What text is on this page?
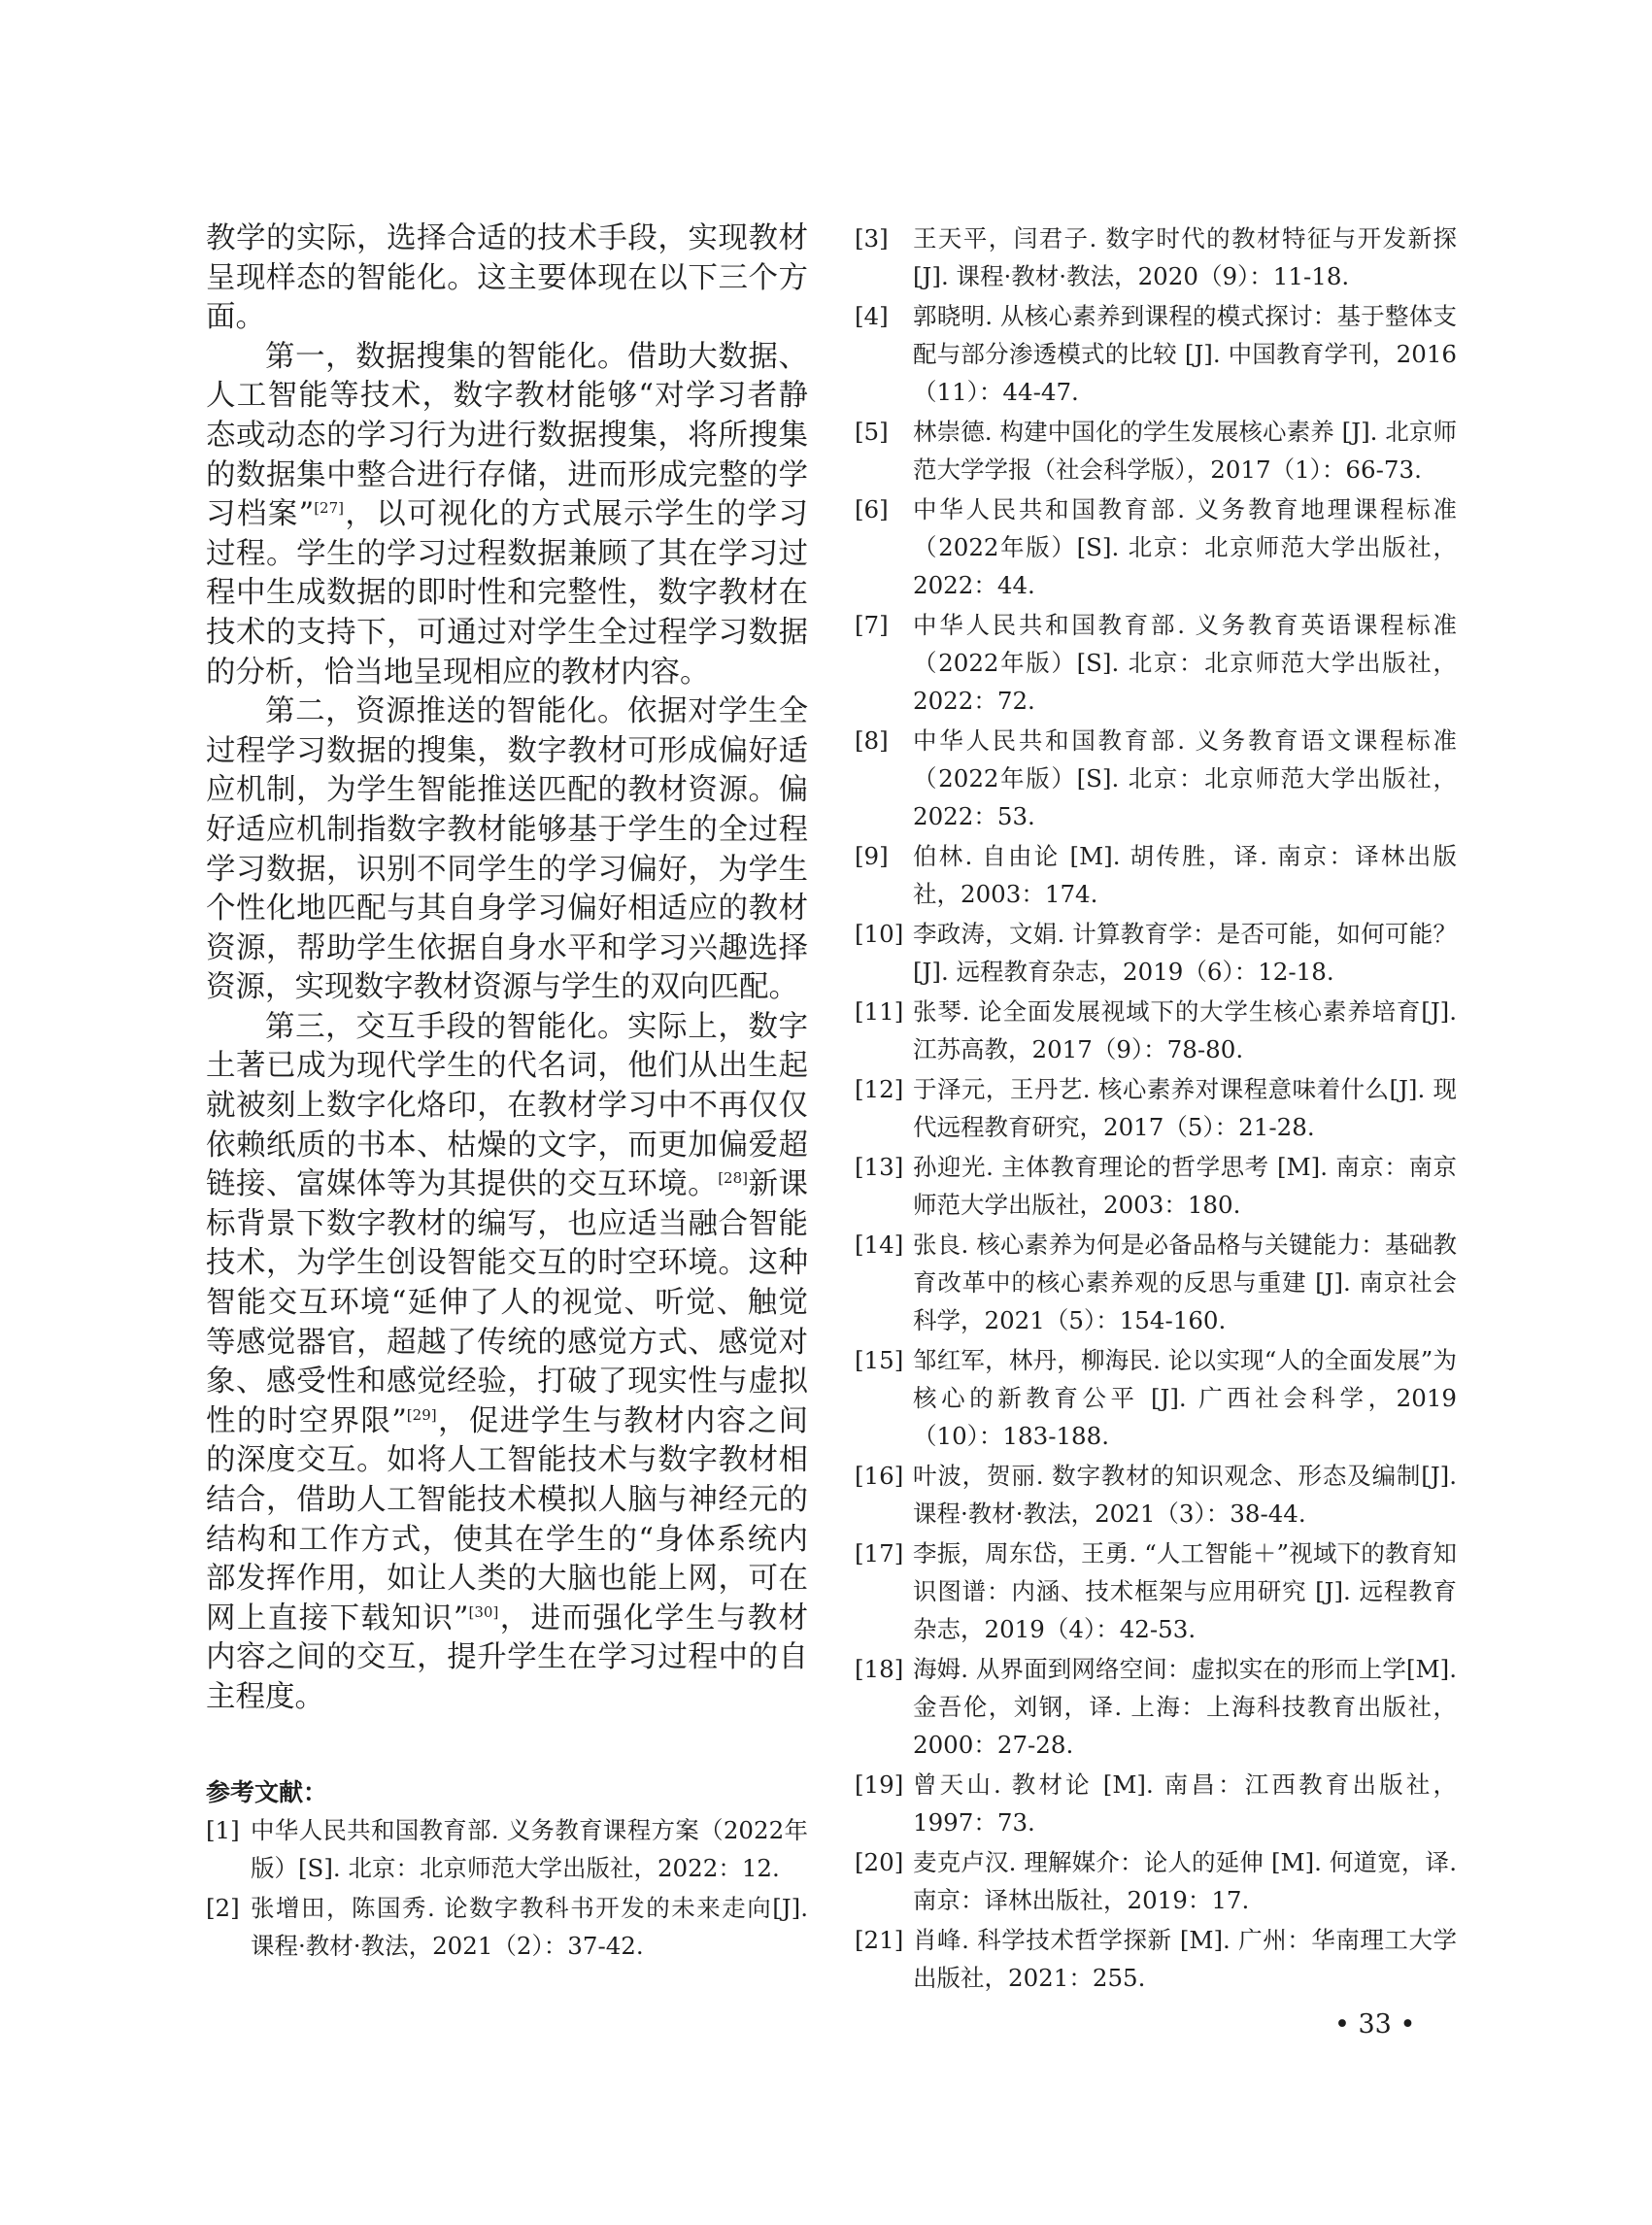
教学的实际，选择合适的技术手段，实现教材呈现样态的智能化。这主要体现在以下三个方面。

第一，数据搜集的智能化。借助大数据、人工智能等技术，数字教材能够“对学习者静态或动态的学习行为进行数据搜集，将所搜集的数据集中整合进行存储，进而形成完整的学习档案”[27]，以可视化的方式展示学生的学习过程。学生的学习过程数据兼顾了其在学习过程中生成数据的即时性和完整性，数字教材在技术的支持下，可通过对学生全过程学习数据的分析，恰当地呈现相应的教材内容。

第二，资源推送的智能化。依据对学生全过程学习数据的搜集，数字教材可形成偏好适应机制，为学生智能推送匹配的教材资源。偏好适应机制指数字教材能够基于学生的全过程学习数据，识别不同学生的学习偏好，为学生个性化地匹配与其自身学习偏好相适应的教材资源，帮助学生依据自身水平和学习兴趣选择资源，实现数字教材资源与学生的双向匹配。

第三，交互手段的智能化。实际上，数字土著已成为现代学生的代名词，他们从出生起就被刻上数字化烙印，在教材学习中不再仅仅依赖纸质的书本、枯燥的文字，而更加偏爱超链接、富媒体等为其提供的交互环境。[28]新课标背景下数字教材的编写，也应适当融合智能技术，为学生创设智能交互的时空环境。这种智能交互环境“延伸了人的视觉、听觉、触觉等感觉器官，超越了传统的感觉方式、感觉对象、感受性和感觉经验，打破了现实性与虚拟性的时空界限”[29]，促进学生与教材内容之间的深度交互。如将人工智能技术与数字教材相结合，借助人工智能技术模拟人脑与神经元的结构和工作方式，使其在学生的“身体系统内部发挥作用，如让人类的大脑也能上网，可在网上直接下载知识”[30]，进而强化学生与教材内容之间的交互，提升学生在学习过程中的自主程度。

参考文献：
[1] 中华人民共和国教育部. 义务教育课程方案（2022年版）[S]. 北京：北京师范大学出版社，2022：12.
[2] 张增田，陈国秀. 论数字教科书开发的未来走向[J]. 课程·教材·教法，2021（2）：37-42.
[3]	王天平，闫君子. 数字时代的教材特征与开发新探[J]. 课程·教材·教法，2020（9）：11-18.
[4]	郭晓明. 从核心素养到课程的模式探讨：基于整体支配与部分渗透模式的比较 [J]. 中国教育学刊，2016（11）：44-47.
[5]	林崇德. 构建中国化的学生发展核心素养 [J]. 北京师范大学学报（社会科学版），2017（1）：66-73.
[6]	中华人民共和国教育部. 义务教育地理课程标准（2022年版）[S]. 北京：北京师范大学出版社，2022：44.
[7]	中华人民共和国教育部. 义务教育英语课程标准（2022年版）[S]. 北京：北京师范大学出版社，2022：72.
[8]	中华人民共和国教育部. 义务教育语文课程标准（2022年版）[S]. 北京：北京师范大学出版社，2022：53.
[9]	伯林. 自由论 [M]. 胡传胜，译. 南京：译林出版社，2003：174.
[10] 李政涛，文娟. 计算教育学：是否可能，如何可能？[J]. 远程教育杂志，2019（6）：12-18.
[11] 张琴. 论全面发展视域下的大学生核心素养培育[J]. 江苏高教，2017（9）：78-80.
[12] 于泽元，王丹艺. 核心素养对课程意味着什么[J]. 现代远程教育研究，2017（5）：21-28.
[13] 孙迎光. 主体教育理论的哲学思考 [M]. 南京：南京师范大学出版社，2003：180.
[14] 张良. 核心素养为何是必备品格与关键能力：基础教育改革中的核心素养观的反思与重建 [J]. 南京社会科学，2021（5）：154-160.
[15] 邹红军，林丹，柳海民. 论以实现“人的全面发展”为核心的新教育公平 [J]. 广西社会科学，2019（10）：183-188.
[16] 叶波，贺丽. 数字教材的知识观念、形态及编制[J]. 课程·教材·教法，2021（3）：38-44.
[17] 李振，周东岱，王勇. “人工智能＋”视域下的教育知识图谱：内涵、技术框架与应用研究 [J]. 远程教育杂志，2019（4）：42-53.
[18] 海姆. 从界面到网络空间：虚拟实在的形而上学[M]. 金吾伦，刘钢，译. 上海：上海科技教育出版社，2000：27-28.
[19] 曾天山. 教材论 [M]. 南昌：江西教育出版社，1997：73.
[20] 麦克卢汉. 理解媒介：论人的延伸 [M]. 何道宽，译. 南京：译林出版社，2019：17.
[21] 肖峰. 科学技术哲学探新 [M]. 广州：华南理工大学出版社，2021：255.
• 33 •
